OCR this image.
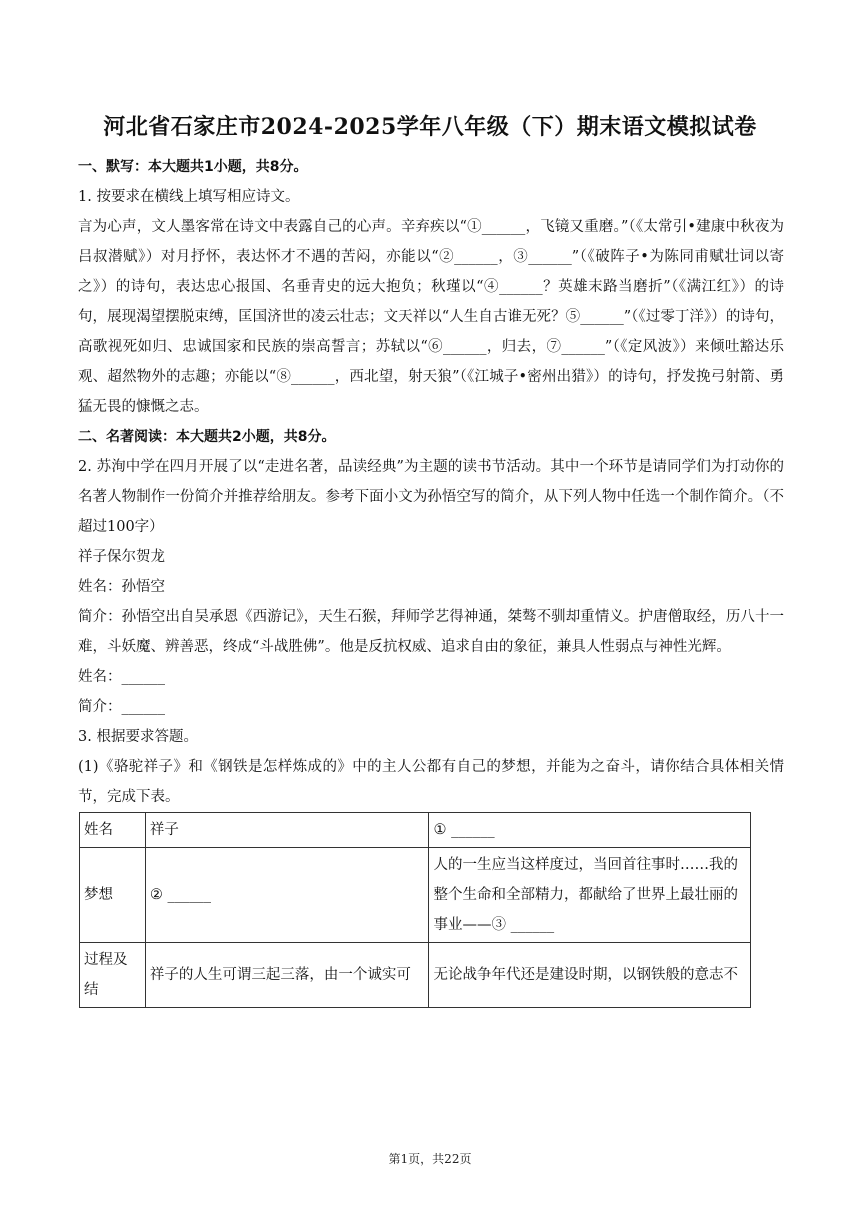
河北省石家庄市2024-2025学年八年级（下）期末语文模拟试卷
一、默写：本大题共1小题，共8分。

1. 按要求在横线上填写相应诗文。

言为心声，文人墨客常在诗文中表露自己的心声。辛弃疾以“①______，飞镜又重磨。”（《太常引•建康中秋夜为吕叔潜赋》）对月抒怀，表达怀才不遇的苦闷，亦能以“②______，③______”（《破阵子•为陈同甫赋壮词以寄之》）的诗句，表达忠心报国、名垂青史的远大抱负；秋瑾以“④______？英雄末路当磨折”（《满江红》）的诗句，展现渴望摆脱束缚，匡国济世的凌云壮志；文天祥以“人生自古谁无死？⑤______”（《过零丁洋》）的诗句，高歌视死如归、忠诚国家和民族的崇高誓言；苏轼以“⑥______，归去，⑦______”（《定风波》）来倾吐豁达乐观、超然物外的志趣；亦能以“⑧______，西北望，射天狼”（《江城子•密州出猎》）的诗句，抒发挽弓射箭、勇猛无畏的慷慨之志。

二、名著阅读：本大题共2小题，共8分。

2. 苏洵中学在四月开展了以“走进名著，品读经典”为主题的读书节活动。其中一个环节是请同学们为打动你的名著人物制作一份简介并推荐给朋友。参考下面小文为孙悟空写的简介，从下列人物中任选一个制作简介。（不超过100字）

祥子保尔贺龙

姓名：孙悟空

简介：孙悟空出自吴承恩《西游记》，天生石猴，拜师学艺得神通，桀骜不驯却重情义。护唐僧取经，历八十一难，斗妖魔、辨善恶，终成“斗战胜佛”。他是反抗权威、追求自由的象征，兼具人性弱点与神性光辉。

姓名：______

简介：______

3. 根据要求答题。

(1)《骆驼祥子》和《钢铁是怎样炼成的》中的主人公都有自己的梦想，并能为之奋斗，请你结合具体相关情节，完成下表。

姓名	祥子	① ______
梦想	② ______	人的一生应当这样度过，当回首往事时……我的整个生命和全部精力，都献给了世界上最壮丽的事业——③ ______
过程及结	祥子的人生可谓三起三落，由一个诚实可	无论战争年代还是建设时期，以钢铁般的意志不
第1页，共22页
